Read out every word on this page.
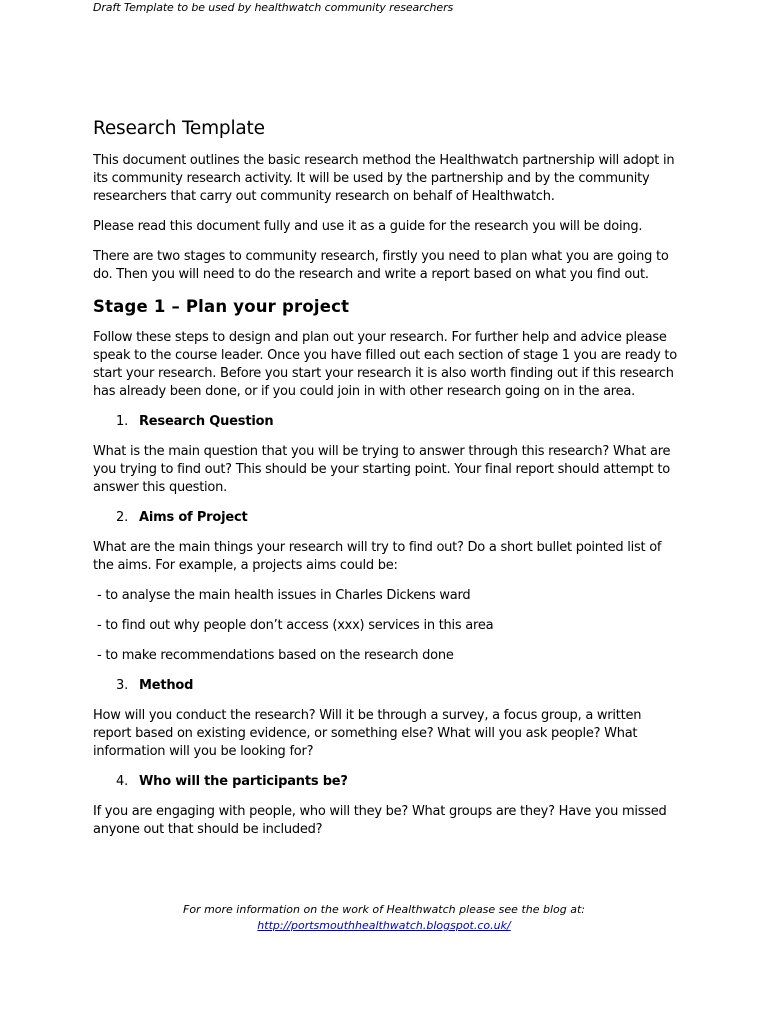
Draft Template to be used by healthwatch community researchers
Research Template

This document outlines the basic research method the Healthwatch partnership will adopt in its community research activity. It will be used by the partnership and by the community researchers that carry out community research on behalf of Healthwatch.

Please read this document fully and use it as a guide for the research you will be doing.

There are two stages to community research, firstly you need to plan what you are going to do. Then you will need to do the research and write a report based on what you find out.

Stage 1 – Plan your project

Follow these steps to design and plan out your research. For further help and advice please speak to the course leader. Once you have filled out each section of stage 1 you are ready to start your research. Before you start your research it is also worth finding out if this research has already been done, or if you could join in with other research going on in the area.

1. Research Question

What is the main question that you will be trying to answer through this research? What are you trying to find out? This should be your starting point. Your final report should attempt to answer this question.

2. Aims of Project

What are the main things your research will try to find out? Do a short bullet pointed list of the aims. For example, a projects aims could be:

- to analyse the main health issues in Charles Dickens ward
- to find out why people don’t access (xxx) services in this area
- to make recommendations based on the research done
3. Method

How will you conduct the research? Will it be through a survey, a focus group, a written report based on existing evidence, or something else? What will you ask people? What information will you be looking for?

4. Who will the participants be?

If you are engaging with people, who will they be? What groups are they? Have you missed anyone out that should be included?

For more information on the work of Healthwatch please see the blog at:
http://portsmouthhealthwatch.blogspot.co.uk/
